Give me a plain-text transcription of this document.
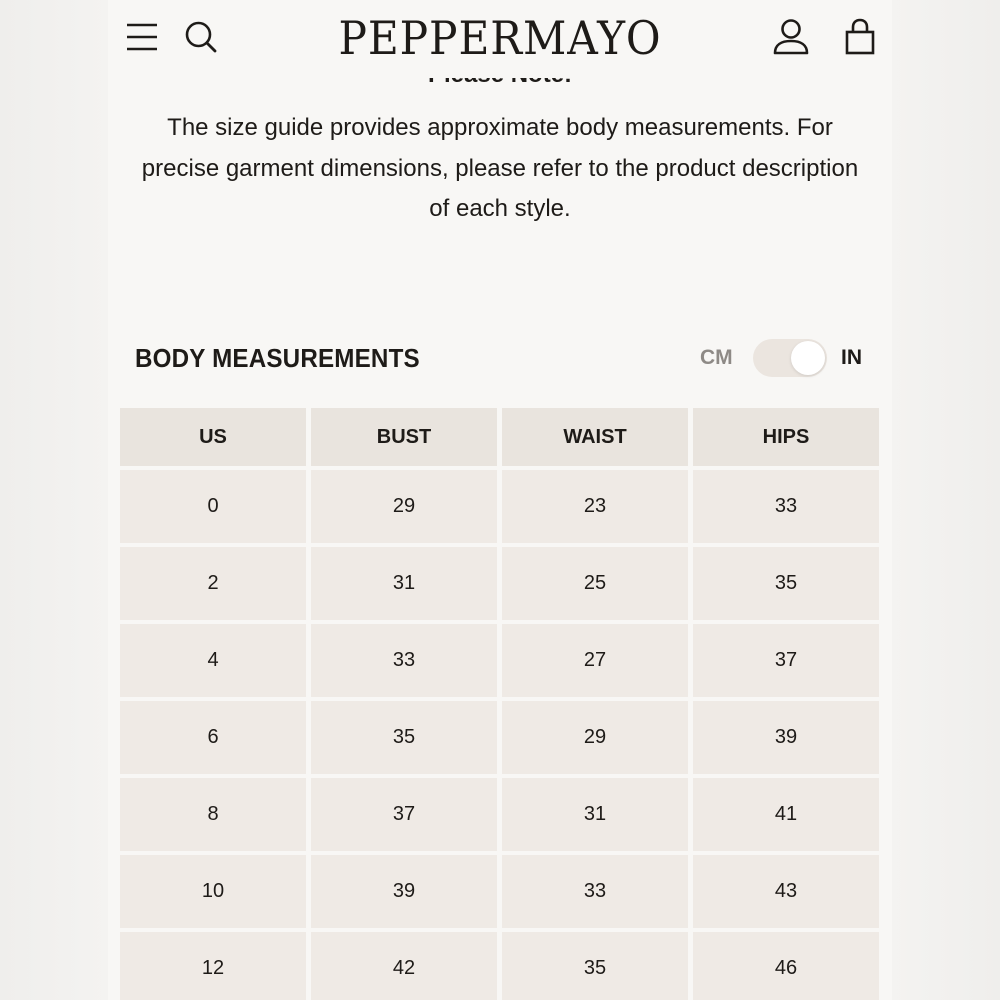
PEPPERMAYO
The size guide provides approximate body measurements. For precise garment dimensions, please refer to the product description of each style.
BODY MEASUREMENTS	CM	IN
US	BUST	WAIST	HIPS
0	29	23	33
2	31	25	35
4	33	27	37
6	35	29	39
8	37	31	41
10	39	33	43
12	42	35	46
